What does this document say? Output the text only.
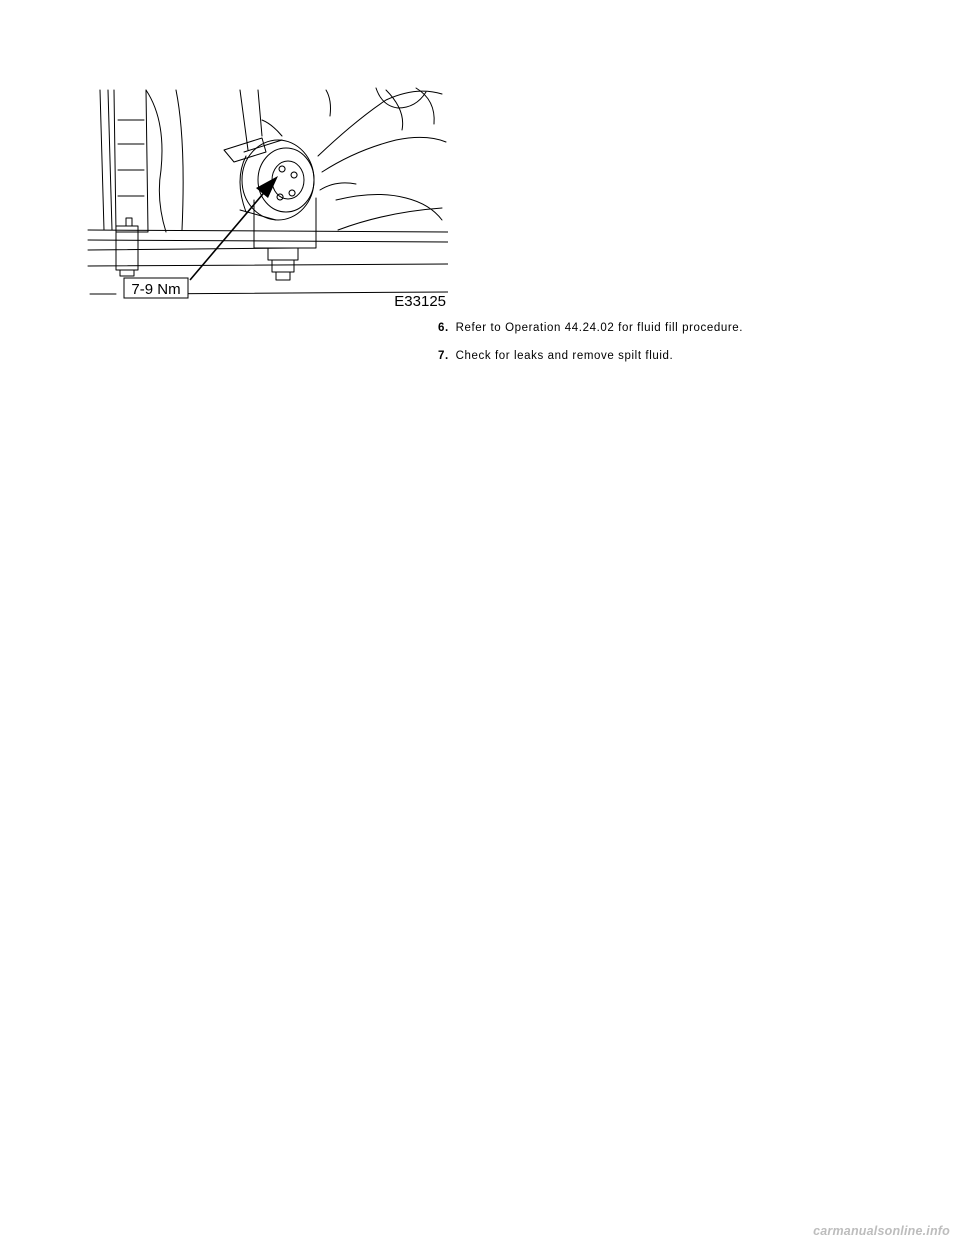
7-9 Nm
E33125
6. Refer to Operation 44.24.02 for fluid fill procedure.
7. Check for leaks and remove spilt fluid.
carmanualsonline.info
